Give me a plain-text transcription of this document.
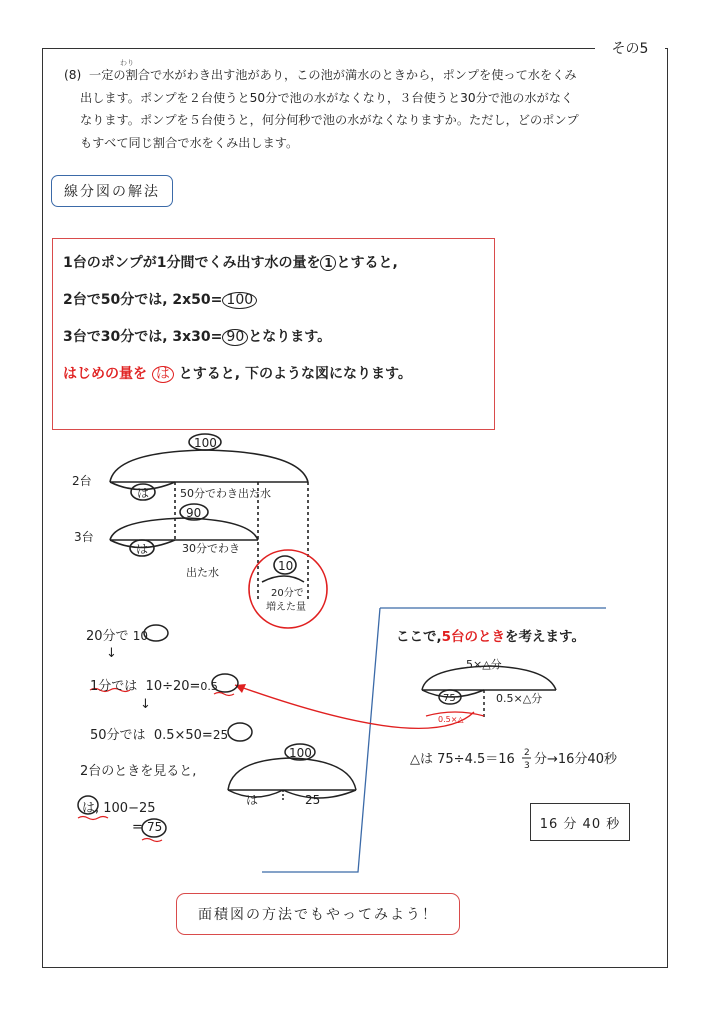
その5
わり
(8) 一定の割合で水がわき出す池があり，この池が満水のときから，ポンプを使って水をくみ
出します。ポンプを２台使うと50分で池の水がなくなり，３台使うと30分で池の水がなく
なります。ポンプを５台使うと，何分何秒で池の水がなくなりますか。ただし，どのポンプ
もすべて同じ割合で水をくみ出します。
線分図の解法
1台のポンプが1分間でくみ出す水の量を 1 とすると,
2台で50分では, 2x50= 100
3台で30分では, 3x30= 90 となります。
はじめの量を は とすると, 下のような図になります。
2台
3台
100
90
は
は
50分でわき出た水
30分でわき
出た水	10
20分で
増えた量
100
は	25
5×△分
75	0.5×△分
0.5×△
△は 75÷4.5＝16 2
3 分→16分40秒
20分で 10
↓
1分では 10÷20=0.5
↓
50分では 0.5×50=25
2台のときを見ると,
は, 100−25
= 75
ここで,5台のときを考えます。
16 分 40 秒
面積図の方法でもやってみよう！
